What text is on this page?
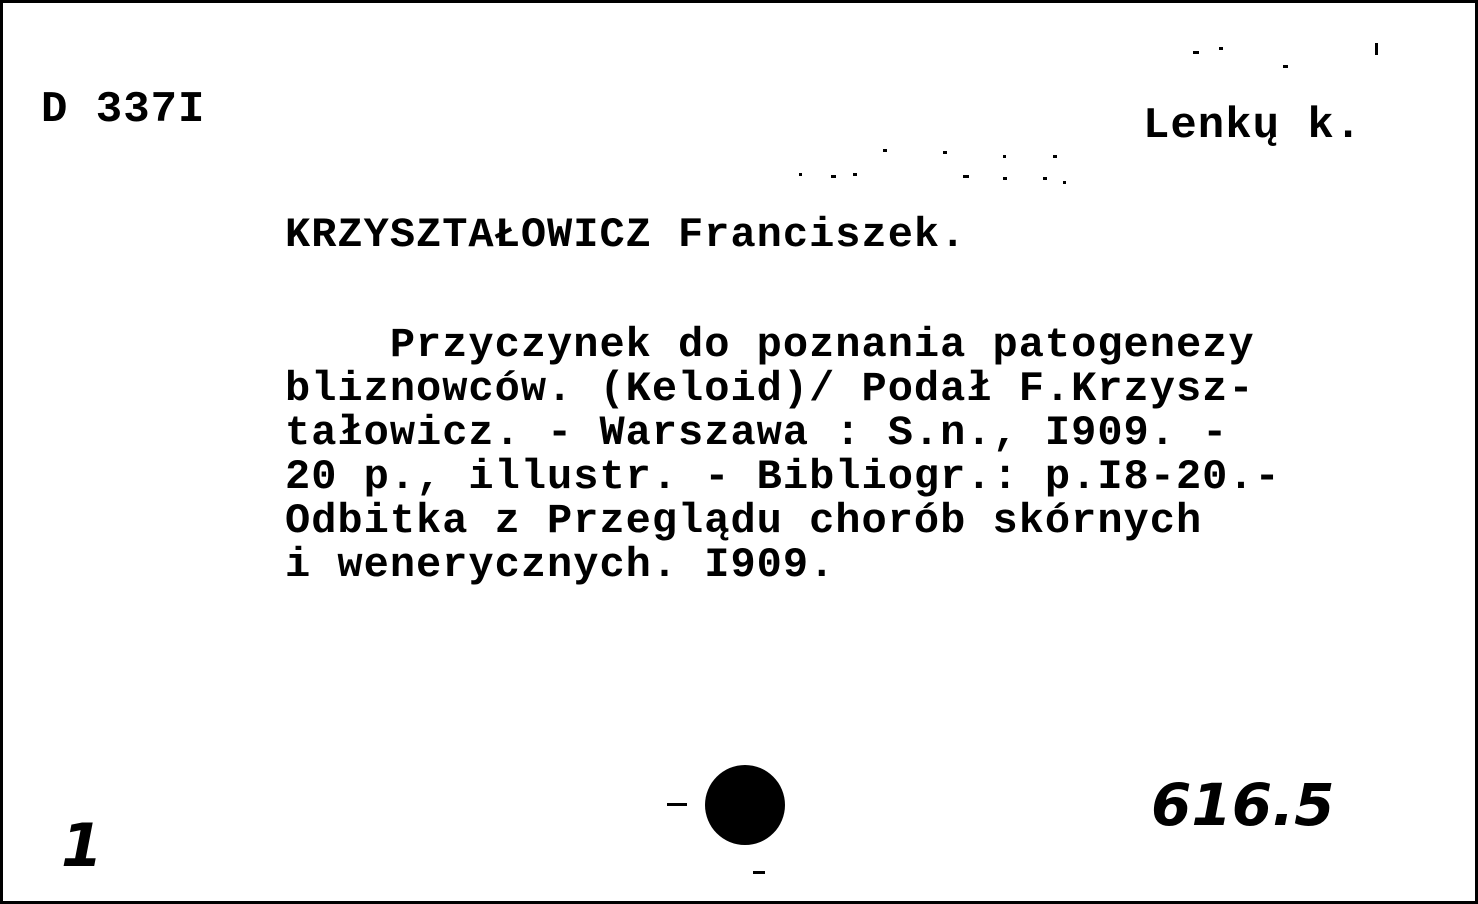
D 337I	Lenkų k.
KRZYSZTAŁOWICZ Franciszek.
Przyczynek do poznania patogenezy
bliznowców. (Keloid)/ Podał F.Krzysz-
tałowicz. - Warszawa : S.n., I909. -
20 p., illustr. - Bibliogr.: p.I8-20.-
Odbitka z Przeglądu chorób skórnych
i wenerycznych. I909.
1
616.5
